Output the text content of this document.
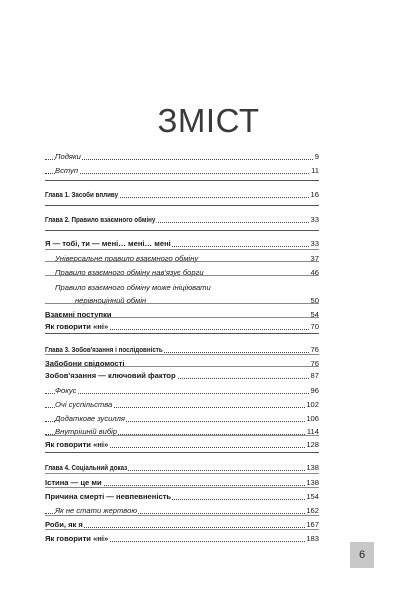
ЗМІСТ
Подяки	9
Вступ	11
Глава 1. Засоби впливу	16
Глава 2. Правило взаємного обміну	33
Я — тобі, ти — мені… мені… мені	33
Універсальне правило взаємного обміну	37
Правило взаємного обміну нав'язує борги	46
Правило взаємного обміну може ініціювати
нерівноцінний обмін	50
Взаємні поступки	54
Як говорити «ні»	70
Глава 3. Зобов'язання і послідовність	76
Забобони свідомості	76
Зобов'язання — ключовий фактор	87
Фокус	96
Очі суспільства	102
Додаткове зусилля	106
Внутрішній вибір	114
Як говорити «ні»	128
Глава 4. Соціальний доказ	138
Істина — це ми	138
Причина смерті — невпевненість	154
Як не стати жертвою	162
Роби, як я	167
Як говорити «ні»	183
6
